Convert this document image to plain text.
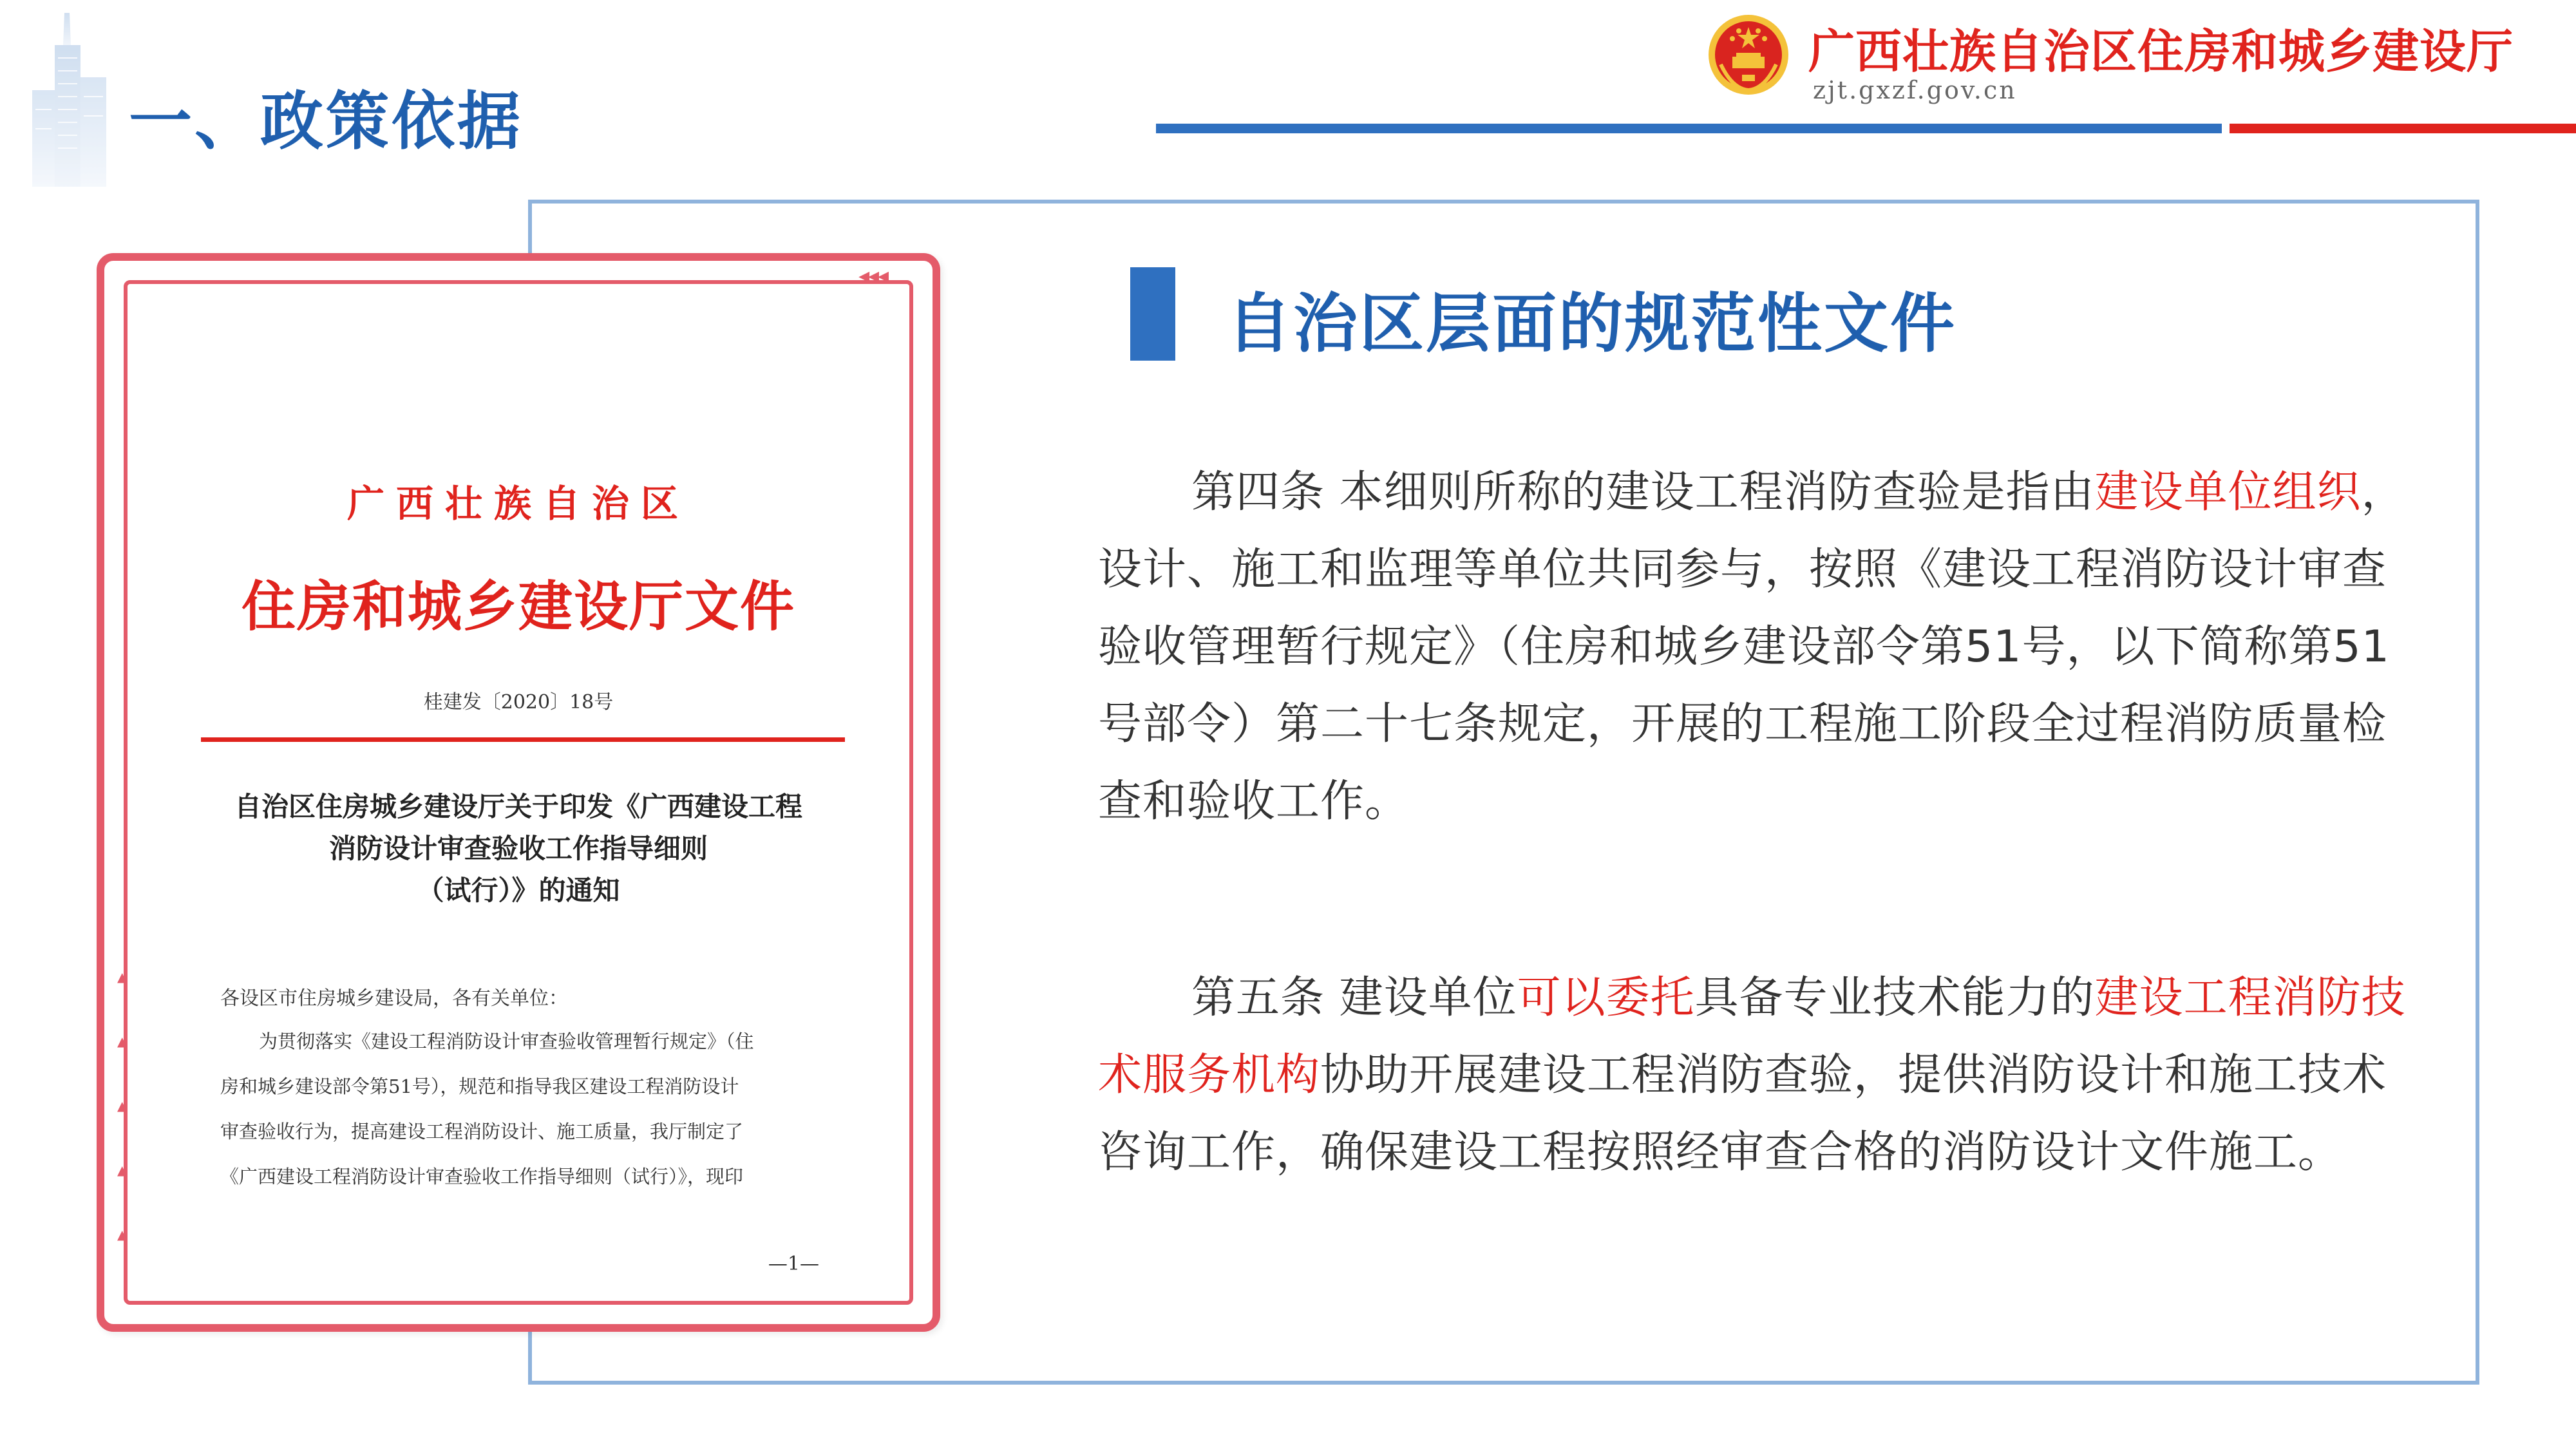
一、政策依据
广西壮族自治区住房和城乡建设厅
zjt.gxzf.gov.cn
◀◀◀
▲
▲
▲
▲
▲
广西壮族自治区
住房和城乡建设厅文件
桂建发〔2020〕18号
自治区住房城乡建设厅关于印发《广西建设工程
消防设计审查验收工作指导细则
（试行）》的通知
各设区市住房城乡建设局，各有关单位：
为贯彻落实《建设工程消防设计审查验收管理暂行规定》（住
房和城乡建设部令第51号），规范和指导我区建设工程消防设计
审查验收行为，提高建设工程消防设计、施工质量，我厅制定了
《广西建设工程消防设计审查验收工作指导细则（试行）》，现印
—1—
自治区层面的规范性文件
第四条 本细则所称的建设工程消防查验是指由建设单位组织，设计、施工和监理等单位共同参与，按照《建设工程消防设计审查验收管理暂行规定》（住房和城乡建设部令第51号，以下简称第51号部令）第二十七条规定，开展的工程施工阶段全过程消防质量检查和验收工作。
第五条 建设单位可以委托具备专业技术能力的建设工程消防技术服务机构协助开展建设工程消防查验，提供消防设计和施工技术咨询工作，确保建设工程按照经审查合格的消防设计文件施工。
